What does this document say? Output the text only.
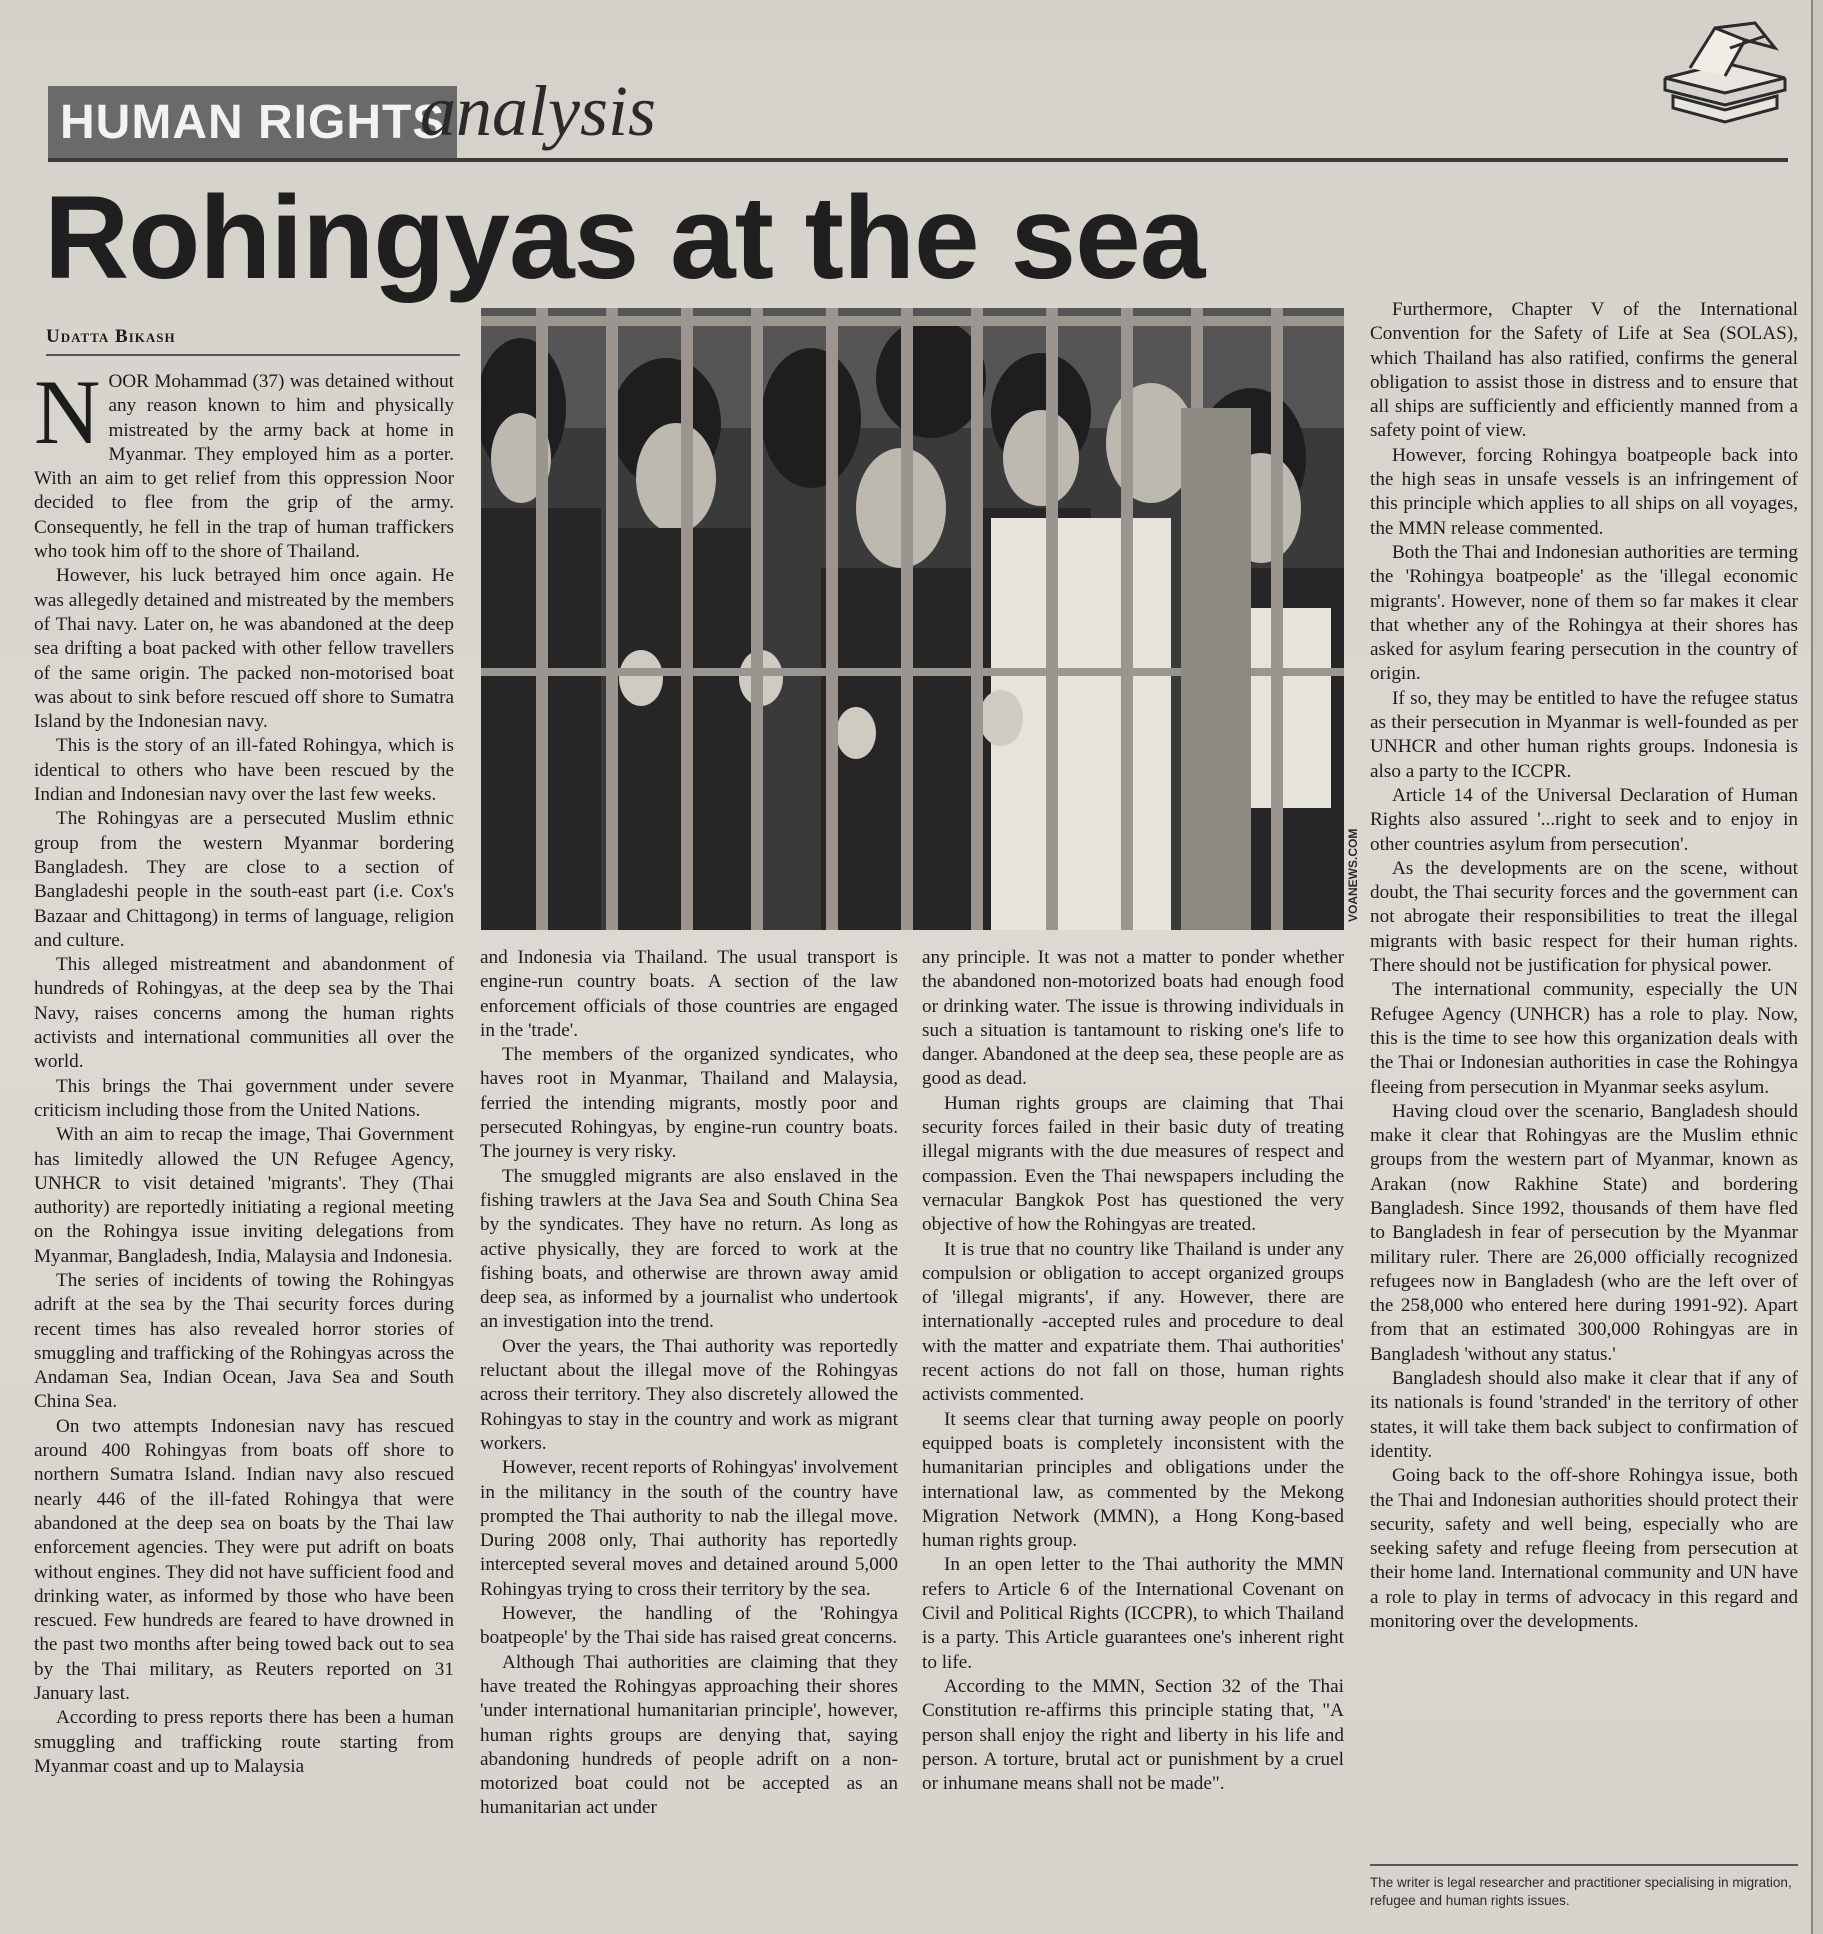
HUMAN RIGHTS
analysis
Rohingyas at the sea
Udatta Bikash

NOOR Mohammad (37) was detained without any reason known to him and physically mistreated by the army back at home in Myanmar. They employed him as a porter. With an aim to get relief from this oppression Noor decided to flee from the grip of the army. Consequently, he fell in the trap of human traffickers who took him off to the shore of Thailand.

However, his luck betrayed him once again. He was allegedly detained and mistreated by the members of Thai navy. Later on, he was abandoned at the deep sea drifting a boat packed with other fellow travellers of the same origin. The packed non-motorised boat was about to sink before rescued off shore to Sumatra Island by the Indonesian navy.

This is the story of an ill-fated Rohingya, which is identical to others who have been rescued by the Indian and Indonesian navy over the last few weeks.

The Rohingyas are a persecuted Muslim ethnic group from the western Myanmar bordering Bangladesh. They are close to a section of Bangladeshi people in the south-east part (i.e. Cox's Bazaar and Chittagong) in terms of language, religion and culture.

This alleged mistreatment and abandonment of hundreds of Rohingyas, at the deep sea by the Thai Navy, raises concerns among the human rights activists and international communities all over the world.

This brings the Thai government under severe criticism including those from the United Nations.

With an aim to recap the image, Thai Government has limitedly allowed the UN Refugee Agency, UNHCR to visit detained 'migrants'. They (Thai authority) are reportedly initiating a regional meeting on the Rohingya issue inviting delegations from Myanmar, Bangladesh, India, Malaysia and Indonesia.

The series of incidents of towing the Rohingyas adrift at the sea by the Thai security forces during recent times has also revealed horror stories of smuggling and trafficking of the Rohingyas across the Andaman Sea, Indian Ocean, Java Sea and South China Sea.

On two attempts Indonesian navy has rescued around 400 Rohingyas from boats off shore to northern Sumatra Island. Indian navy also rescued nearly 446 of the ill-fated Rohingya that were abandoned at the deep sea on boats by the Thai law enforcement agencies. They were put adrift on boats without engines. They did not have sufficient food and drinking water, as informed by those who have been rescued. Few hundreds are feared to have drowned in the past two months after being towed back out to sea by the Thai military, as Reuters reported on 31 January last.

According to press reports there has been a human smuggling and trafficking route starting from Myanmar coast and up to Malaysia

VOANEWS.COM

and Indonesia via Thailand. The usual transport is engine-run country boats. A section of the law enforcement officials of those countries are engaged in the 'trade'.

The members of the organized syndicates, who haves root in Myanmar, Thailand and Malaysia, ferried the intending migrants, mostly poor and persecuted Rohingyas, by engine-run country boats. The journey is very risky.

The smuggled migrants are also enslaved in the fishing trawlers at the Java Sea and South China Sea by the syndicates. They have no return. As long as active physically, they are forced to work at the fishing boats, and otherwise are thrown away amid deep sea, as informed by a journalist who undertook an investigation into the trend.

Over the years, the Thai authority was reportedly reluctant about the illegal move of the Rohingyas across their territory. They also discretely allowed the Rohingyas to stay in the country and work as migrant workers.

However, recent reports of Rohingyas' involvement in the militancy in the south of the country have prompted the Thai authority to nab the illegal move. During 2008 only, Thai authority has reportedly intercepted several moves and detained around 5,000 Rohingyas trying to cross their territory by the sea.

However, the handling of the 'Rohingya boatpeople' by the Thai side has raised great concerns.

Although Thai authorities are claiming that they have treated the Rohingyas approaching their shores 'under international humanitarian principle', however, human rights groups are denying that, saying abandoning hundreds of people adrift on a non-motorized boat could not be accepted as an humanitarian act under

any principle. It was not a matter to ponder whether the abandoned non-motorized boats had enough food or drinking water. The issue is throwing individuals in such a situation is tantamount to risking one's life to danger. Abandoned at the deep sea, these people are as good as dead.

Human rights groups are claiming that Thai security forces failed in their basic duty of treating illegal migrants with the due measures of respect and compassion. Even the Thai newspapers including the vernacular Bangkok Post has questioned the very objective of how the Rohingyas are treated.

It is true that no country like Thailand is under any compulsion or obligation to accept organized groups of 'illegal migrants', if any. However, there are internationally -accepted rules and procedure to deal with the matter and expatriate them. Thai authorities' recent actions do not fall on those, human rights activists commented.

It seems clear that turning away people on poorly equipped boats is completely inconsistent with the humanitarian principles and obligations under the international law, as commented by the Mekong Migration Network (MMN), a Hong Kong-based human rights group.

In an open letter to the Thai authority the MMN refers to Article 6 of the International Covenant on Civil and Political Rights (ICCPR), to which Thailand is a party. This Article guarantees one's inherent right to life.

According to the MMN, Section 32 of the Thai Constitution re-affirms this principle stating that, "A person shall enjoy the right and liberty in his life and person. A torture, brutal act or punishment by a cruel or inhumane means shall not be made".

Furthermore, Chapter V of the International Convention for the Safety of Life at Sea (SOLAS), which Thailand has also ratified, confirms the general obligation to assist those in distress and to ensure that all ships are sufficiently and efficiently manned from a safety point of view.

However, forcing Rohingya boatpeople back into the high seas in unsafe vessels is an infringement of this principle which applies to all ships on all voyages, the MMN release commented.

Both the Thai and Indonesian authorities are terming the 'Rohingya boatpeople' as the 'illegal economic migrants'. However, none of them so far makes it clear that whether any of the Rohingya at their shores has asked for asylum fearing persecution in the country of origin.

If so, they may be entitled to have the refugee status as their persecution in Myanmar is well-founded as per UNHCR and other human rights groups. Indonesia is also a party to the ICCPR.

Article 14 of the Universal Declaration of Human Rights also assured '...right to seek and to enjoy in other countries asylum from persecution'.

As the developments are on the scene, without doubt, the Thai security forces and the government can not abrogate their responsibilities to treat the illegal migrants with basic respect for their human rights. There should not be justification for physical power.

The international community, especially the UN Refugee Agency (UNHCR) has a role to play. Now, this is the time to see how this organization deals with the Thai or Indonesian authorities in case the Rohingya fleeing from persecution in Myanmar seeks asylum.

Having cloud over the scenario, Bangladesh should make it clear that Rohingyas are the Muslim ethnic groups from the western part of Myanmar, known as Arakan (now Rakhine State) and bordering Bangladesh. Since 1992, thousands of them have fled to Bangladesh in fear of persecution by the Myanmar military ruler. There are 26,000 officially recognized refugees now in Bangladesh (who are the left over of the 258,000 who entered here during 1991-92). Apart from that an estimated 300,000 Rohingyas are in Bangladesh 'without any status.'

Bangladesh should also make it clear that if any of its nationals is found 'stranded' in the territory of other states, it will take them back subject to confirmation of identity.

Going back to the off-shore Rohingya issue, both the Thai and Indonesian authorities should protect their security, safety and well being, especially who are seeking safety and refuge fleeing from persecution at their home land. International community and UN have a role to play in terms of advocacy in this regard and monitoring over the developments.

The writer is legal researcher and practitioner specialising in migration, refugee and human rights issues.
